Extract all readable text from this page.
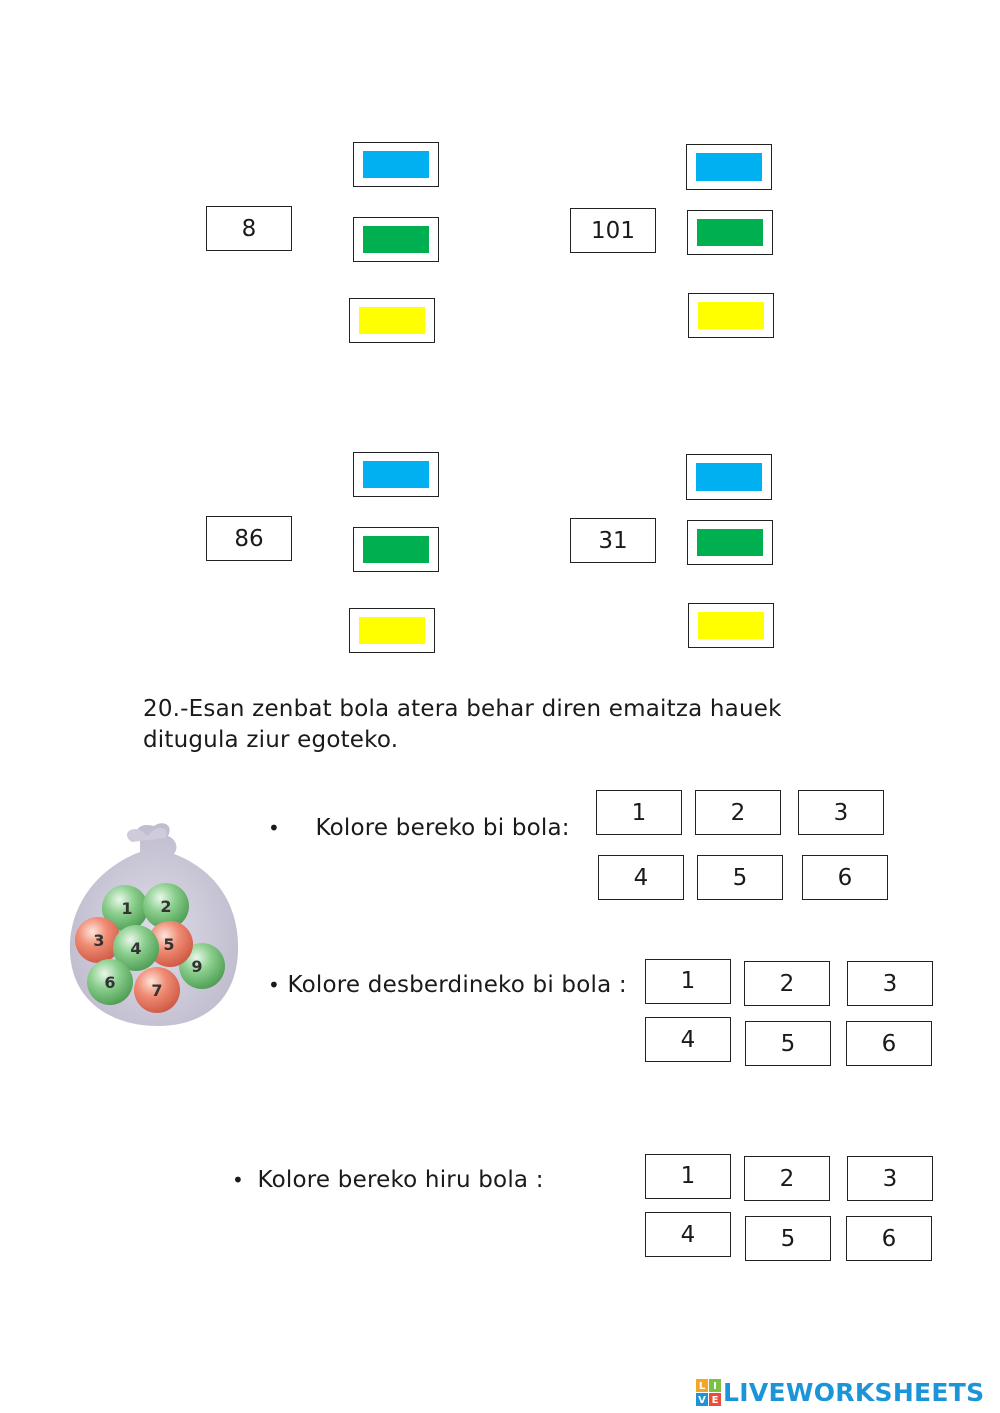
8	101
86	31
20.-Esan zenbat bola atera behar diren emaitza hauek ditugula ziur egoteko.
1 2
3
9
5
4
6 7
• Kolore bereko bi bola:
1	2	3
4	5	6
• Kolore desberdineko bi bola :	1	2	3
4	5	6
• Kolore bereko hiru bola :	1	2	3
4	5	6
L I
V E LIVEWORKSHEETS
